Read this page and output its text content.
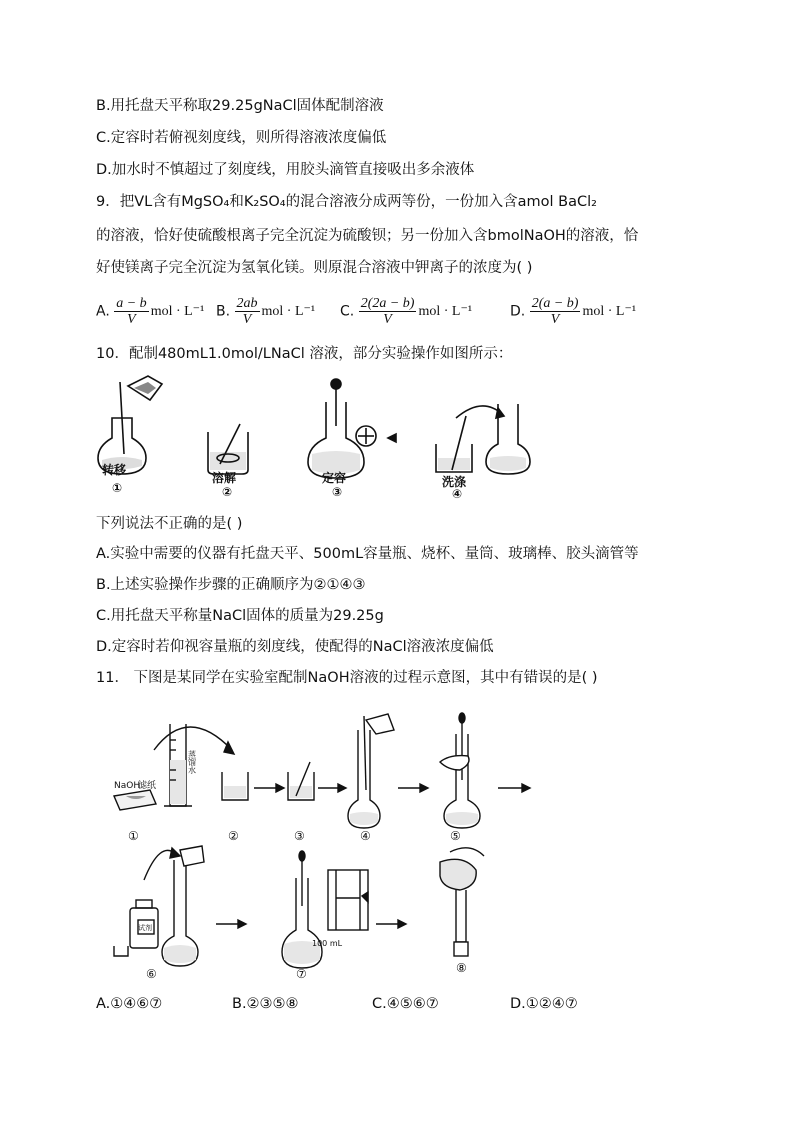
B.用托盘天平称取29.25gNaCl固体配制溶液
C.定容时若俯视刻度线，则所得溶液浓度偏低
D.加水时不慎超过了刻度线，用胶头滴管直接吸出多余液体
9．把VL含有MgSO₄和K₂SO₄的混合溶液分成两等份，一份加入含amol BaCl₂
的溶液，恰好使硫酸根离子完全沉淀为硫酸钡；另一份加入含bmolNaOH的溶液，恰
好使镁离子完全沉淀为氢氧化镁。则原混合溶液中钾离子的浓度为( )
A. $\frac{a - b}{V}$ mol · L⁻¹ B. $\frac{2ab}{V}$ mol · L⁻¹ C. $\frac{2(2a - b)}{V}$ mol · L⁻¹	D. $\frac{2(a - b)}{V}$ mol · L⁻¹
10．配制480mL1.0mol/LNaCl 溶液，部分实验操作如图所示：
转移
①
溶解
②
定容
③
洗涤
④
下列说法不正确的是( )
A.实验中需要的仪器有托盘天平、500mL容量瓶、烧杯、量筒、玻璃棒、胶头滴管等
B.上述实验操作步骤的正确顺序为②①④③
C.用托盘天平称量NaCl固体的质量为29.25g
D.定容时若仰视容量瓶的刻度线，使配得的NaCl溶液浓度偏低
11． 下图是某同学在实验室配制NaOH溶液的过程示意图，其中有错误的是( )
NaOH
滤纸
蒸馏水
试剂
100 mL
①	②	③	④	⑤
⑥	⑦	⑧
A.①④⑥⑦	B.②③⑤⑧	C.④⑤⑥⑦	D.①②④⑦
